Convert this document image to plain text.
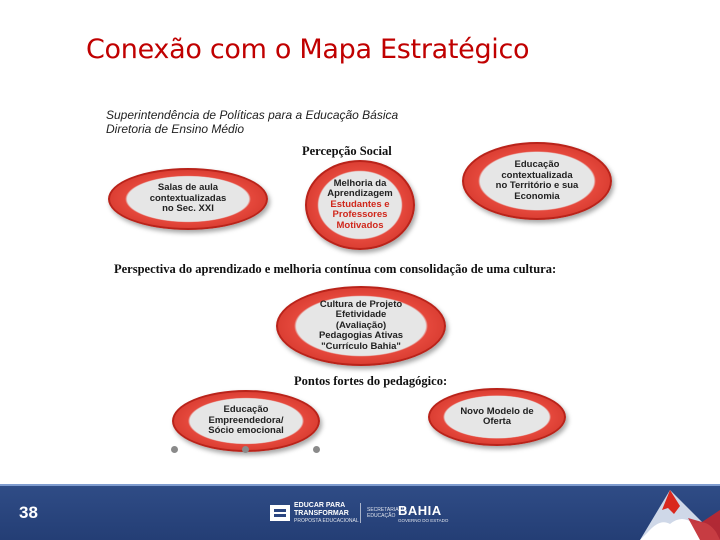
Conexão com o Mapa Estratégico
Superintendência de Políticas para a Educação Básica
Diretoria de Ensino Médio
Percepção Social
Salas de aula
contextualizadas
no Sec. XXI
Melhoria da
Aprendizagem
Estudantes e
Professores
Motivados
Educação
contextualizada
no Território e sua
Economia
Perspectiva do aprendizado e melhoria contínua com consolidação de uma cultura:
Cultura de Projeto
Efetividade
(Avaliação)
Pedagogias Ativas
"Currículo Bahia"
Pontos fortes do pedagógico:
Educação
Empreendedora/
Sócio emocional
Novo Modelo de
Oferta
38	EDUCAR PARA
TRANSFORMAR
PROPOSTA EDUCACIONAL
SECRETARIA DA
EDUCAÇÃO BAHIA
GOVERNO DO ESTADO
